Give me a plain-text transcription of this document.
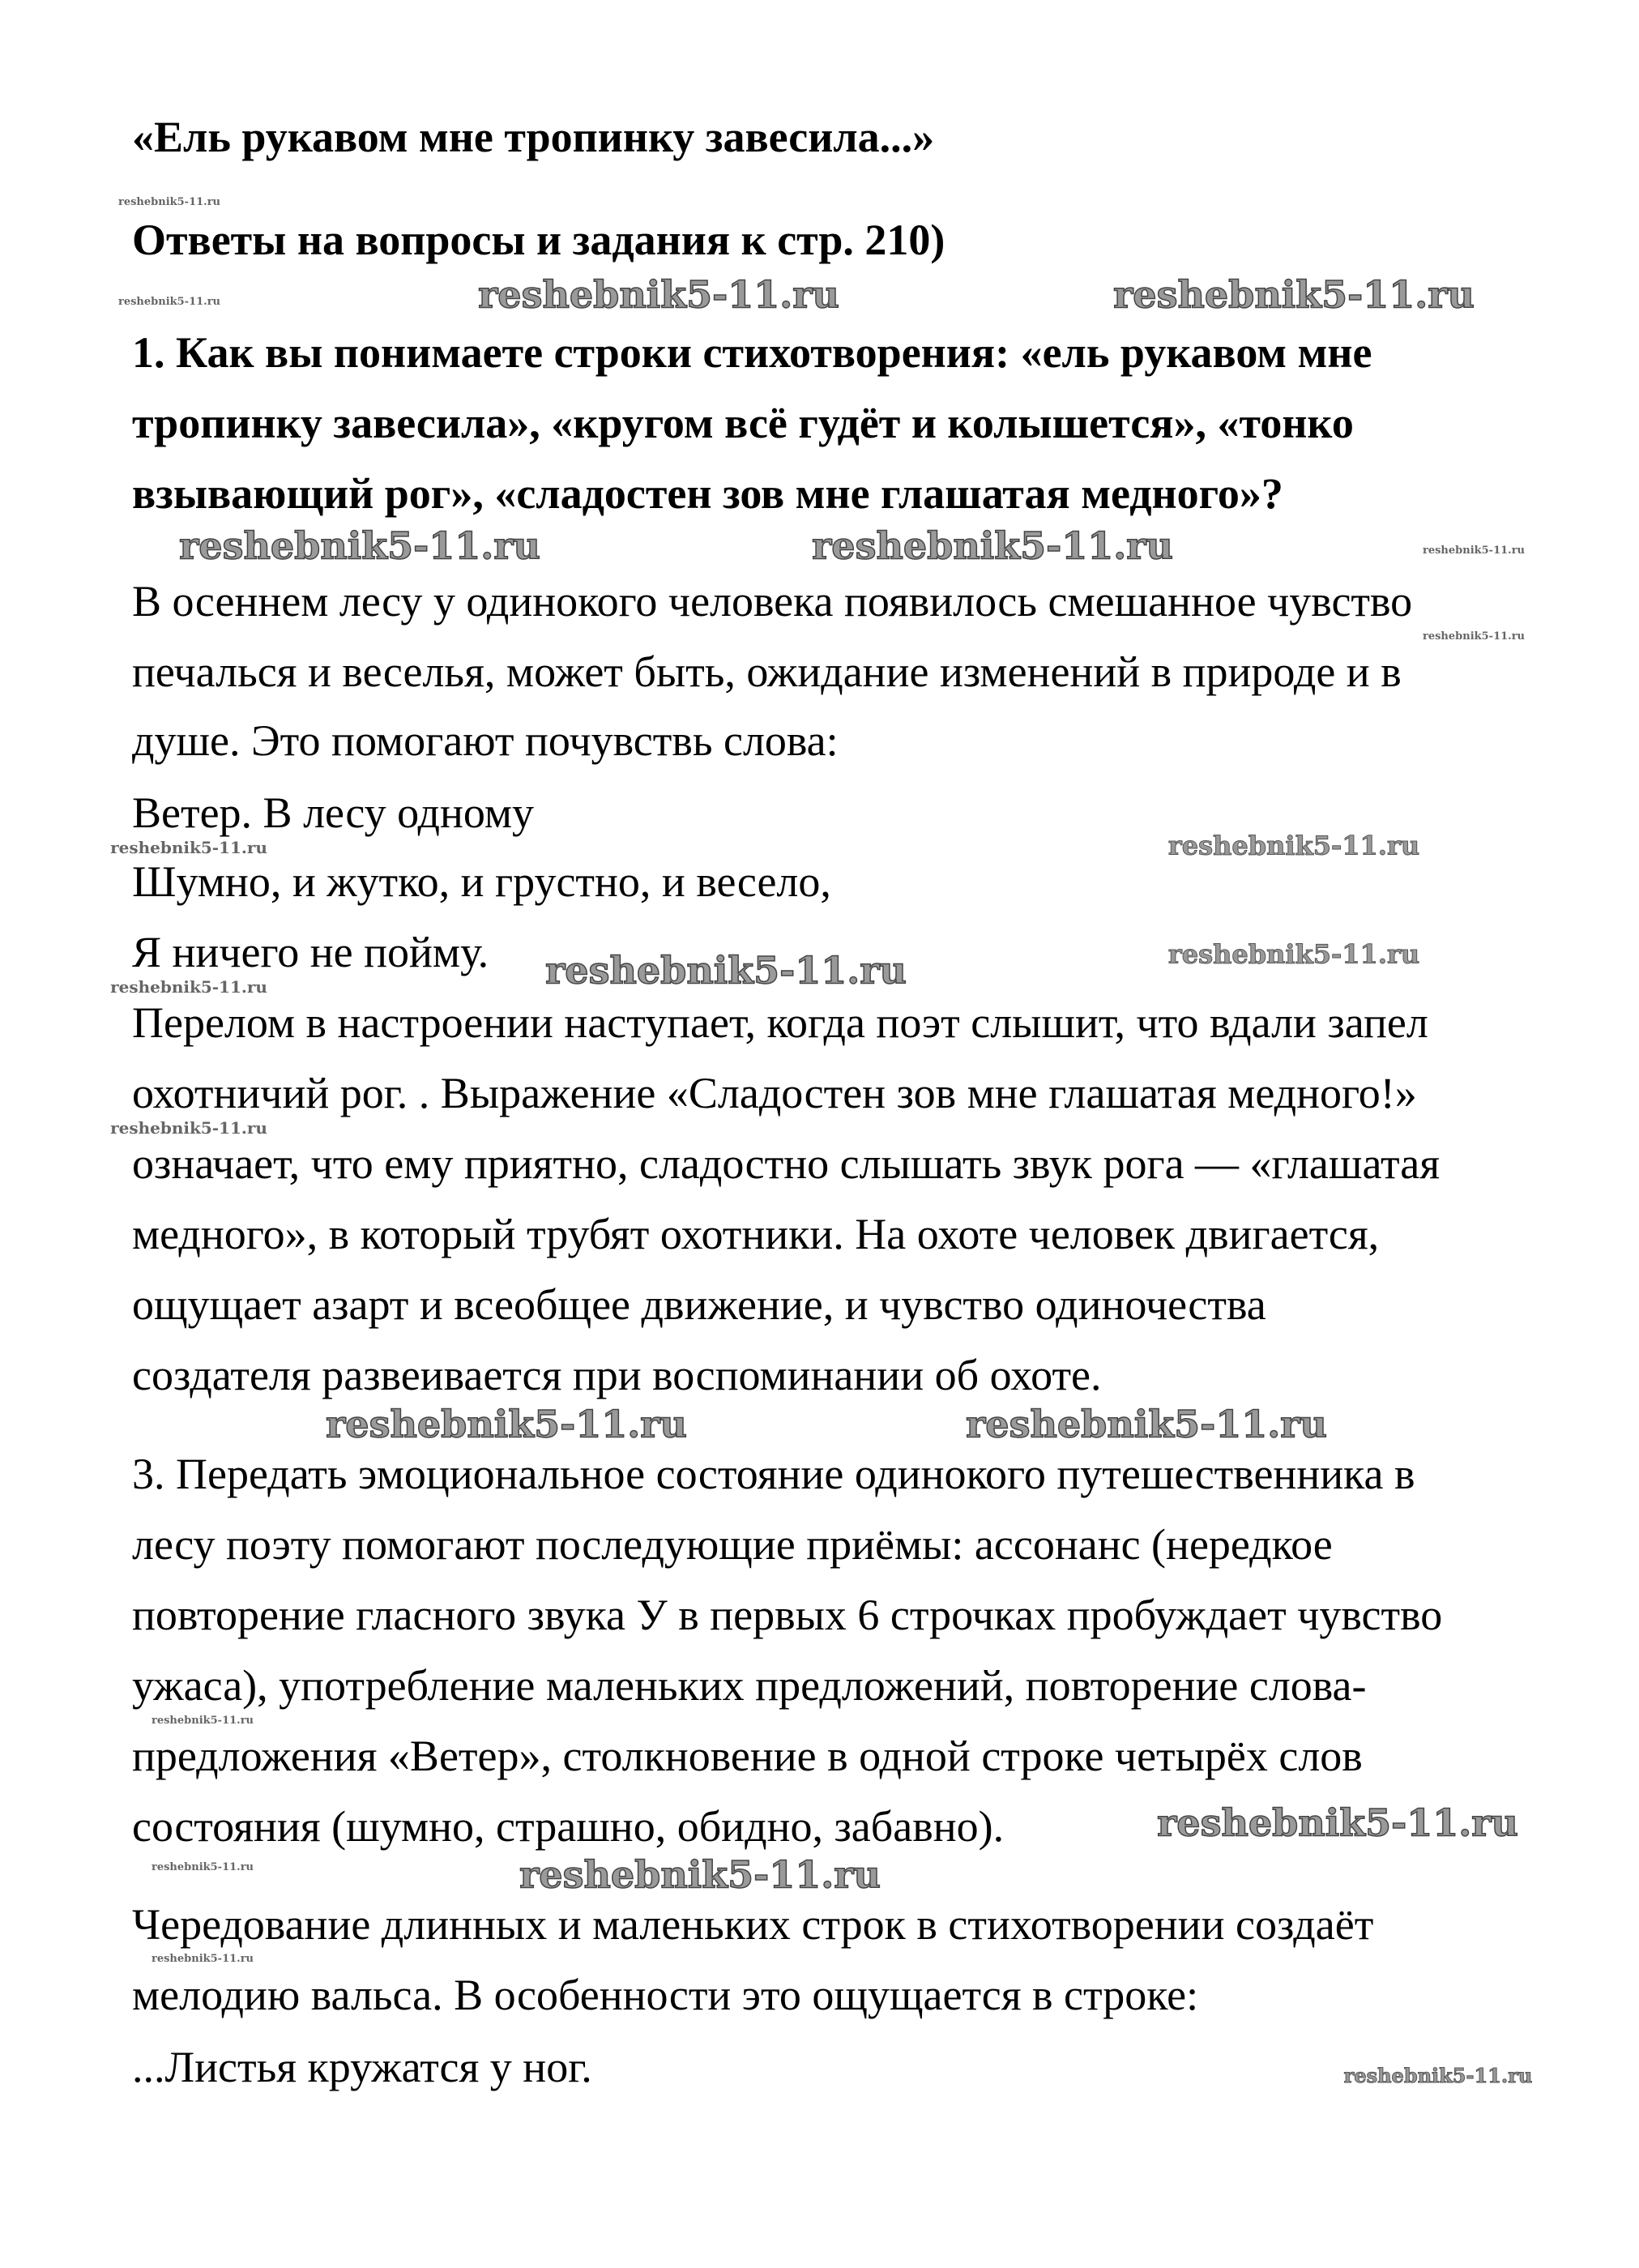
«Ель рукавом мне тропинку завесила...»
Ответы на вопросы и задания к стр. 210)
1. Как вы понимаете строки стихотворения: «ель рукавом мне
тропинку завесила», «кругом всё гудёт и колышется», «тонко
взывающий рог», «сладостен зов мне глашатая медного»?
В осеннем лесу у одинокого человека появилось смешанное чувство
печалься и веселья, может быть, ожидание изменений в природе и в
душе. Это помогают почувствь слова:
Ветер. В лесу одному
Шумно, и жутко, и грустно, и весело,
Я ничего не пойму.
Перелом в настроении наступает, когда поэт слышит, что вдали запел
охотничий рог. . Выражение «Сладостен зов мне глашатая медного!»
означает, что ему приятно, сладостно слышать звук рога — «глашатая
медного», в который трубят охотники. На охоте человек двигается,
ощущает азарт и всеобщее движение, и чувство одиночества
создателя развеивается при воспоминании об охоте.
3. Передать эмоциональное состояние одинокого путешественника в
лесу поэту помогают последующие приёмы: ассонанс (нередкое
повторение гласного звука У в первых 6 строчках пробуждает чувство
ужаса), употребление маленьких предложений, повторение слова-
предложения «Ветер», столкновение в одной строке четырёх слов
состояния (шумно, страшно, обидно, забавно).
Чередование длинных и маленьких строк в стихотворении создаёт
мелодию вальса. В особенности это ощущается в строке:
...Листья кружатся у ног.
reshebnik5-11.ru	reshebnik5-11.ru
reshebnik5-11.ru	reshebnik5-11.ru
reshebnik5-11.ru
reshebnik5-11.ru	reshebnik5-11.ru
reshebnik5-11.ru	reshebnik5-11.ru
reshebnik5-11.ru
reshebnik5-11.ru
reshebnik5-11.ru
reshebnik5-11.ru
reshebnik5-11.ru
reshebnik5-11.ru
reshebnik5-11.ru
reshebnik5-11.ru
reshebnik5-11.ru
reshebnik5-11.ru
reshebnik5-11.ru
reshebnik5-11.ru
reshebnik5-11.ru
